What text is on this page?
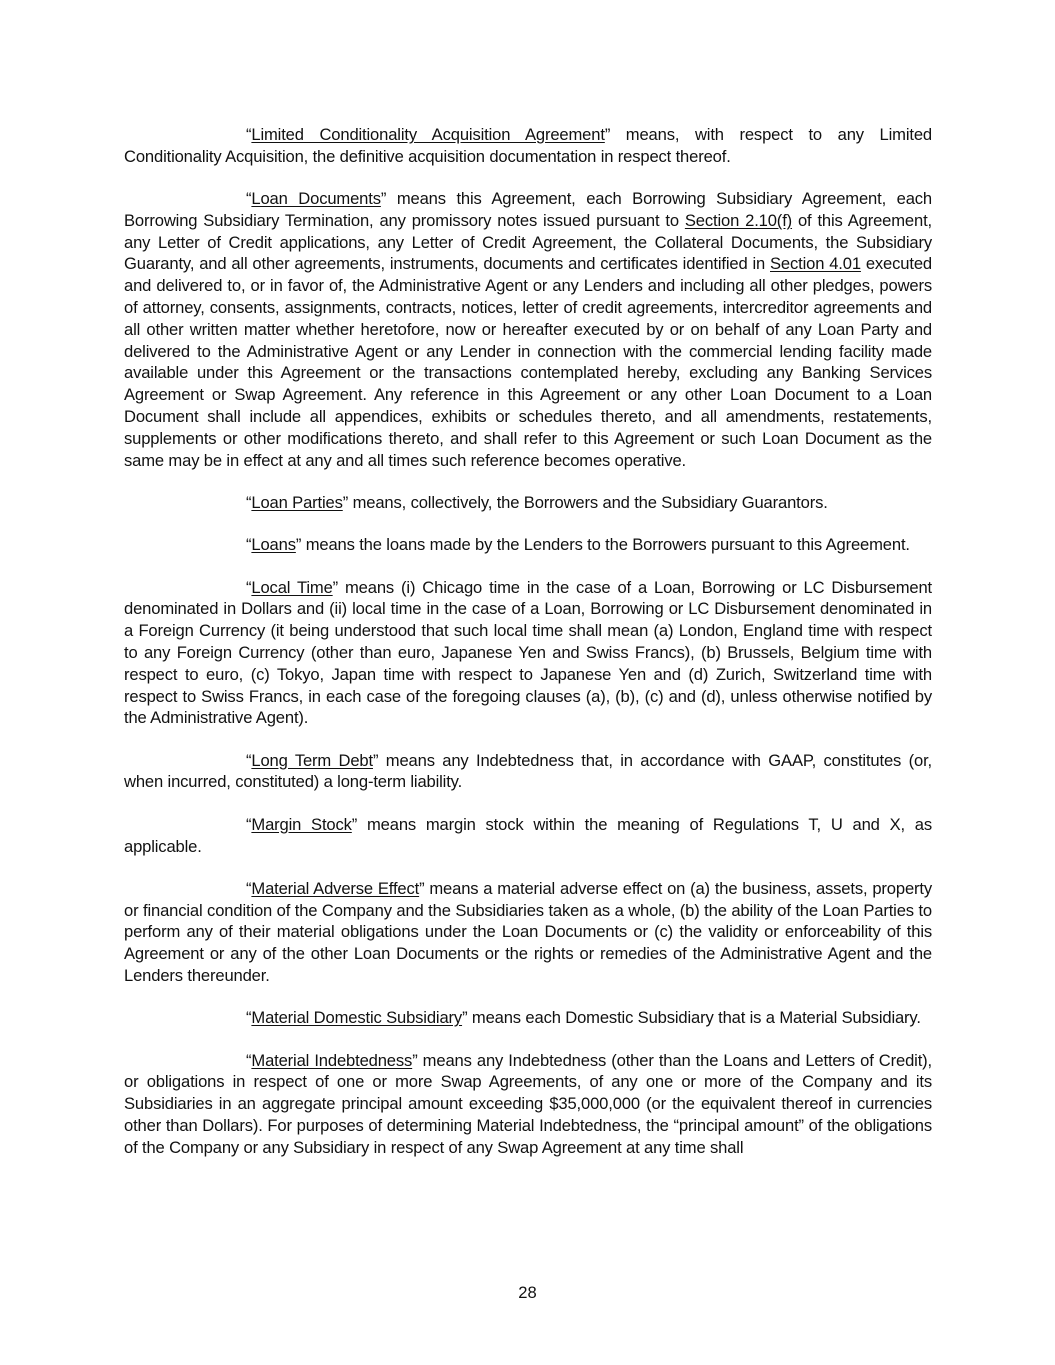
“Limited Conditionality Acquisition Agreement” means, with respect to any Limited Conditionality Acquisition, the definitive acquisition documentation in respect thereof.

“Loan Documents” means this Agreement, each Borrowing Subsidiary Agreement, each Borrowing Subsidiary Termination, any promissory notes issued pursuant to Section 2.10(f) of this Agreement, any Letter of Credit applications, any Letter of Credit Agreement, the Collateral Documents, the Subsidiary Guaranty, and all other agreements, instruments, documents and certificates identified in Section 4.01 executed and delivered to, or in favor of, the Administrative Agent or any Lenders and including all other pledges, powers of attorney, consents, assignments, contracts, notices, letter of credit agreements, intercreditor agreements and all other written matter whether heretofore, now or hereafter executed by or on behalf of any Loan Party and delivered to the Administrative Agent or any Lender in connection with the commercial lending facility made available under this Agreement or the transactions contemplated hereby, excluding any Banking Services Agreement or Swap Agreement. Any reference in this Agreement or any other Loan Document to a Loan Document shall include all appendices, exhibits or schedules thereto, and all amendments, restatements, supplements or other modifications thereto, and shall refer to this Agreement or such Loan Document as the same may be in effect at any and all times such reference becomes operative.

“Loan Parties” means, collectively, the Borrowers and the Subsidiary Guarantors.

“Loans” means the loans made by the Lenders to the Borrowers pursuant to this Agreement.

“Local Time” means (i) Chicago time in the case of a Loan, Borrowing or LC Disbursement denominated in Dollars and (ii) local time in the case of a Loan, Borrowing or LC Disbursement denominated in a Foreign Currency (it being understood that such local time shall mean (a) London, England time with respect to any Foreign Currency (other than euro, Japanese Yen and Swiss Francs), (b) Brussels, Belgium time with respect to euro, (c) Tokyo, Japan time with respect to Japanese Yen and (d) Zurich, Switzerland time with respect to Swiss Francs, in each case of the foregoing clauses (a), (b), (c) and (d), unless otherwise notified by the Administrative Agent).

“Long Term Debt” means any Indebtedness that, in accordance with GAAP, constitutes (or, when incurred, constituted) a long-term liability.

“Margin Stock” means margin stock within the meaning of Regulations T, U and X, as applicable.

“Material Adverse Effect” means a material adverse effect on (a) the business, assets, property or financial condition of the Company and the Subsidiaries taken as a whole, (b) the ability of the Loan Parties to perform any of their material obligations under the Loan Documents or (c) the validity or enforceability of this Agreement or any of the other Loan Documents or the rights or remedies of the Administrative Agent and the Lenders thereunder.

“Material Domestic Subsidiary” means each Domestic Subsidiary that is a Material Subsidiary.

“Material Indebtedness” means any Indebtedness (other than the Loans and Letters of Credit), or obligations in respect of one or more Swap Agreements, of any one or more of the Company and its Subsidiaries in an aggregate principal amount exceeding $35,000,000 (or the equivalent thereof in currencies other than Dollars). For purposes of determining Material Indebtedness, the “principal amount” of the obligations of the Company or any Subsidiary in respect of any Swap Agreement at any time shall

28
